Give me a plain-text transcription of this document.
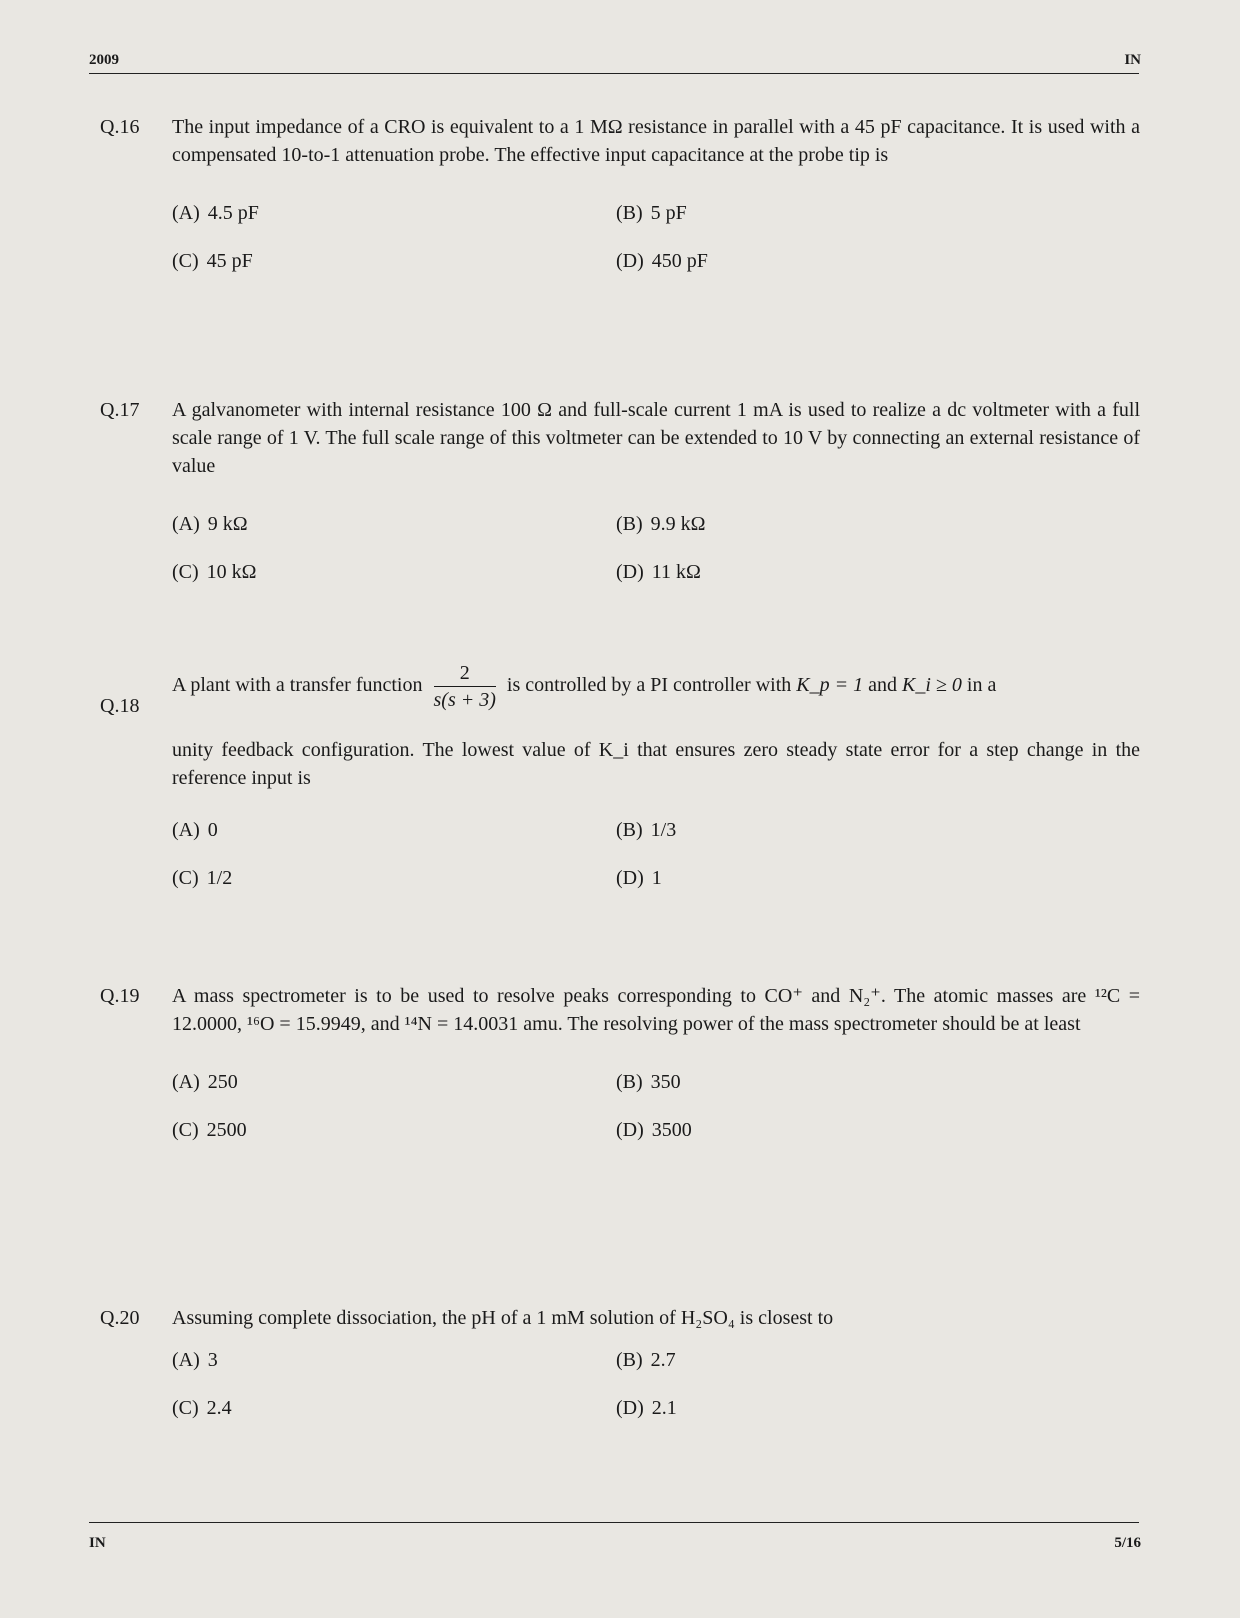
2009	IN
Q.16	The input impedance of a CRO is equivalent to a 1 MΩ resistance in parallel with a 45 pF capacitance. It is used with a compensated 10-to-1 attenuation probe. The effective input capacitance at the probe tip is
(A) 4.5 pF	(B) 5 pF
(C) 45 pF	(D) 450 pF
Q.17	A galvanometer with internal resistance 100 Ω and full-scale current 1 mA is used to realize a dc voltmeter with a full scale range of 1 V. The full scale range of this voltmeter can be extended to 10 V by connecting an external resistance of value
(A) 9 kΩ	(B) 9.9 kΩ
(C) 10 kΩ	(D) 11 kΩ
Q.18
A plant with a transfer function $\frac{2}{s(s + 3)}$ is controlled by a PI controller with K_p = 1 and K_i ≥ 0 in a
unity feedback configuration. The lowest value of K_i that ensures zero steady state error for a step change in the reference input is
(A) 0	(B) 1/3
(C) 1/2	(D) 1
Q.19	A mass spectrometer is to be used to resolve peaks corresponding to CO⁺ and N₂⁺. The atomic masses are ¹²C = 12.0000, ¹⁶O = 15.9949, and ¹⁴N = 14.0031 amu. The resolving power of the mass spectrometer should be at least
(A) 250	(B) 350
(C) 2500	(D) 3500
Q.20	Assuming complete dissociation, the pH of a 1 mM solution of H₂SO₄ is closest to
(A) 3	(B) 2.7
(C) 2.4	(D) 2.1
IN	5/16
